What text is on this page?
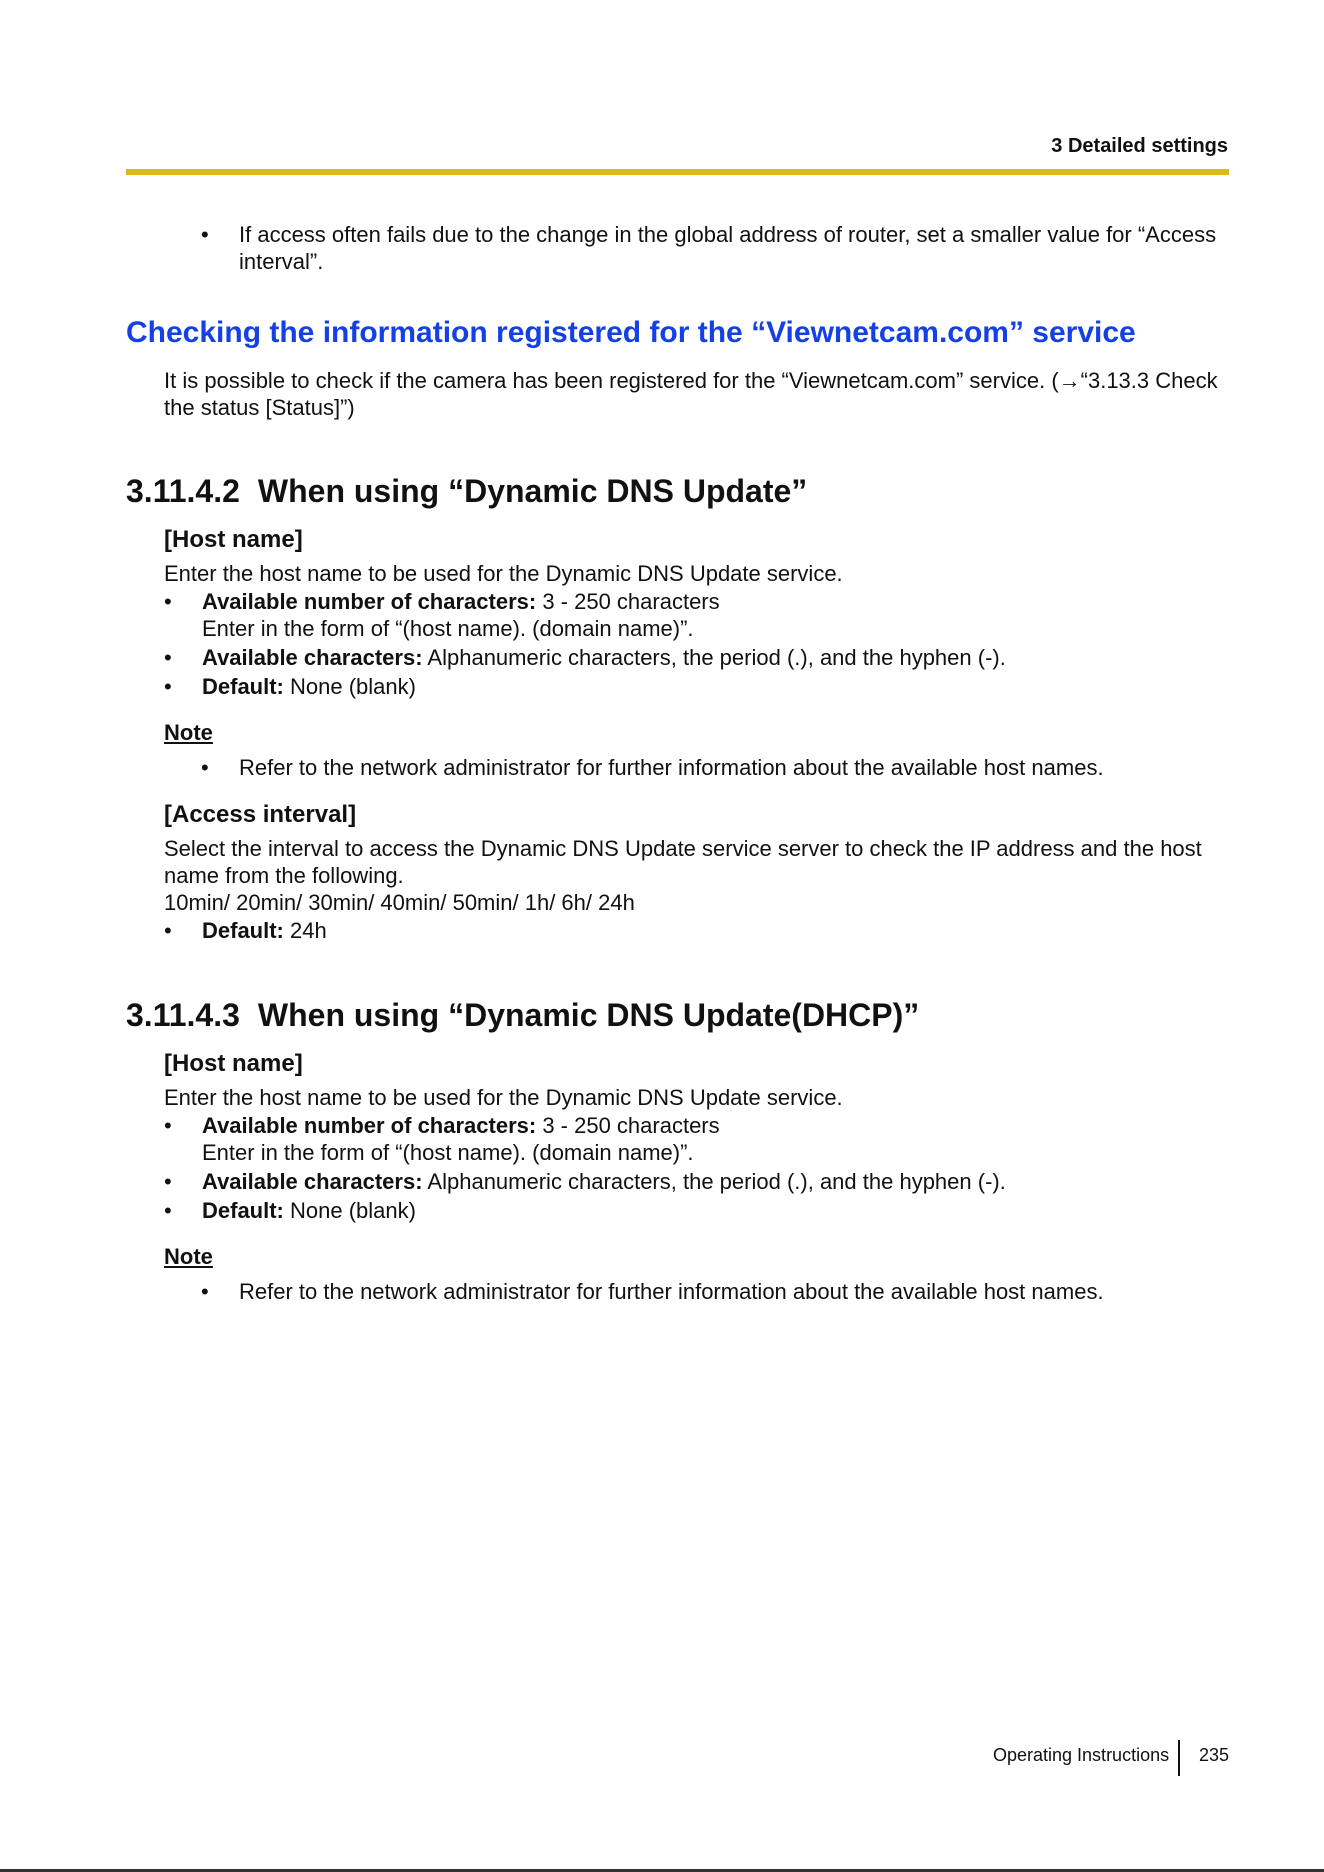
3 Detailed settings
• If access often fails due to the change in the global address of router, set a smaller value for “Access
interval”.
Checking the information registered for the “Viewnetcam.com” service
It is possible to check if the camera has been registered for the “Viewnetcam.com” service. (→“3.13.3 Check
the status [Status]”)
3.11.4.2 When using “Dynamic DNS Update”
[Host name]
Enter the host name to be used for the Dynamic DNS Update service.
• Available number of characters: 3 - 250 characters
Enter in the form of “(host name). (domain name)”.
• Available characters: Alphanumeric characters, the period (.), and the hyphen (-).
• Default: None (blank)
Note
• Refer to the network administrator for further information about the available host names.
[Access interval]
Select the interval to access the Dynamic DNS Update service server to check the IP address and the host
name from the following.
10min/ 20min/ 30min/ 40min/ 50min/ 1h/ 6h/ 24h
• Default: 24h
3.11.4.3 When using “Dynamic DNS Update(DHCP)”
[Host name]
Enter the host name to be used for the Dynamic DNS Update service.
• Available number of characters: 3 - 250 characters
Enter in the form of “(host name). (domain name)”.
• Available characters: Alphanumeric characters, the period (.), and the hyphen (-).
• Default: None (blank)
Note
• Refer to the network administrator for further information about the available host names.
Operating Instructions 235
